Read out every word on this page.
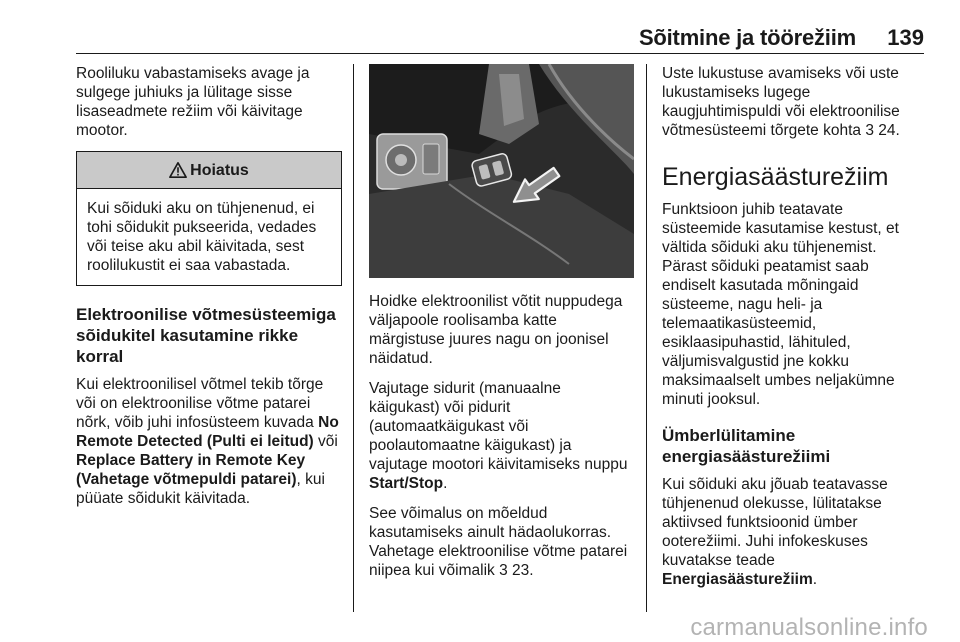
Sõitmine ja töörežiim 139

Rooliluku vabastamiseks avage ja sulgege juhiuks ja lülitage sisse lisaseadmete režiim või käivitage mootor.

Hoiatus
Kui sõiduki aku on tühjenenud, ei tohi sõidukit pukseerida, vedades või teise aku abil käivitada, sest roolilukustit ei saa vabastada.
Elektroonilise võtmesüsteemiga sõidukitel kasutamine rikke korral

Kui elektroonilisel võtmel tekib tõrge või on elektroonilise võtme patarei nõrk, võib juhi infosüsteem kuvada No Remote Detected (Pulti ei leitud) või Replace Battery in Remote Key (Vahetage võtmepuldi patarei), kui püüate sõidukit käivitada.

Hoidke elektroonilist võtit nuppudega väljapoole roolisamba katte märgistuse juures nagu on joonisel näidatud.

Vajutage sidurit (manuaalne käigukast) või pidurit (automaatkäigukast või poolautomaatne käigukast) ja vajutage mootori käivitamiseks nuppu Start/Stop.

See võimalus on mõeldud kasutamiseks ainult hädaolukorras. Vahetage elektroonilise võtme patarei niipea kui võimalik 3 23.

Uste lukustuse avamiseks või uste lukustamiseks lugege kaugjuhtimispuldi või elektroonilise võtmesüsteemi tõrgete kohta 3 24.

Energiasäästurežiim

Funktsioon juhib teatavate süsteemide kasutamise kestust, et vältida sõiduki aku tühjenemist. Pärast sõiduki peatamist saab endiselt kasutada mõningaid süsteeme, nagu heli- ja telemaatikasüsteemid, esiklaasipuhastid, lähituled, väljumisvalgustid jne kokku maksimaalselt umbes neljakümne minuti jooksul.

Ümberlülitamine energiasäästurežiimi

Kui sõiduki aku jõuab teatavasse tühjenenud olekusse, lülitatakse aktiivsed funktsioonid ümber ooterežiimi. Juhi infokeskuses kuvatakse teade Energiasäästurežiim.

carmanualsonline.info
